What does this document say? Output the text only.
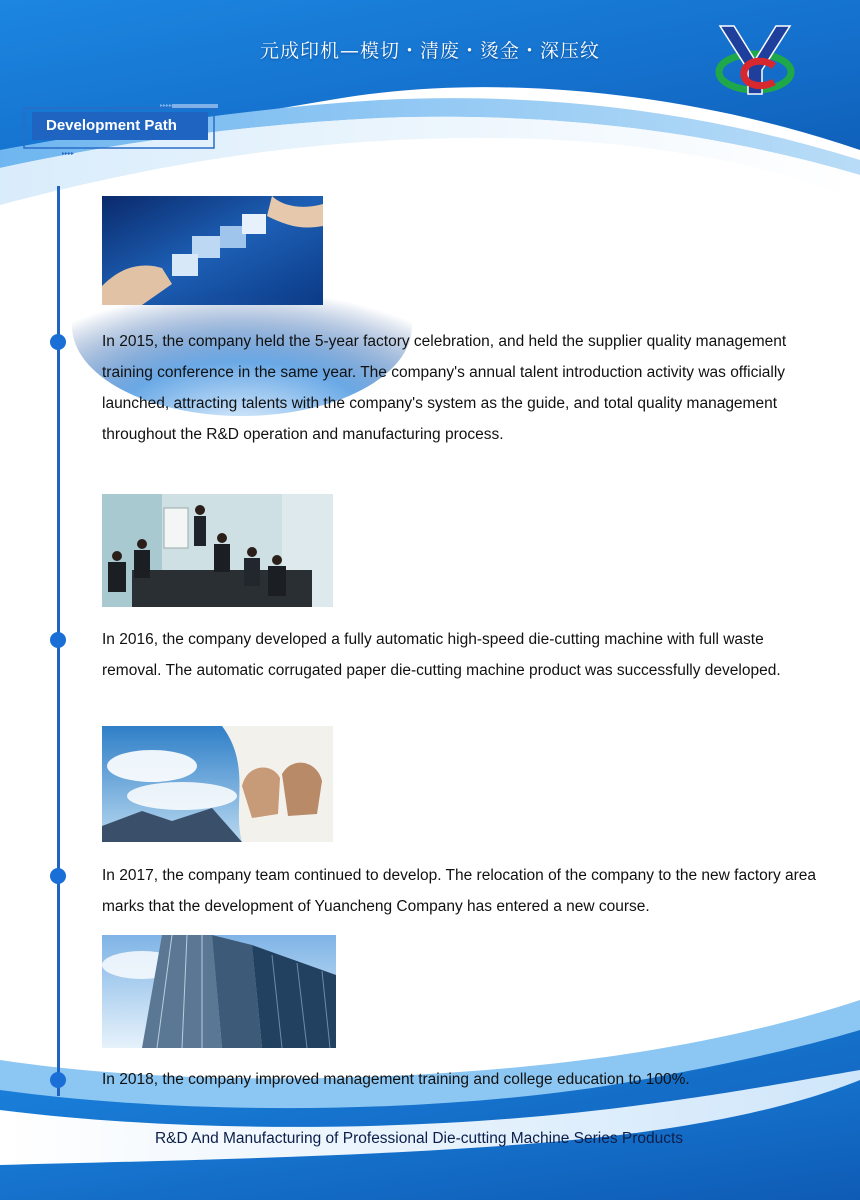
元成印机—模切・清废・烫金・深压纹
▸▸▸▸
▸▸▸▸
Development Path
In 2015, the company held the 5-year factory celebration, and held the supplier quality management training conference in the same year. The company's annual talent introduction activity was officially launched, attracting talents with the company's system as the guide, and total quality management throughout the R&D operation and manufacturing process.
In 2016, the company developed a fully automatic high-speed die-cutting machine with full waste removal. The automatic corrugated paper die-cutting machine product was successfully developed.
In 2017, the company team continued to develop. The relocation of the company to the new factory area marks that the development of Yuancheng Company has entered a new course.
In 2018, the company improved management training and college education to 100%.
R&D And Manufacturing of Professional Die-cutting Machine Series Products
